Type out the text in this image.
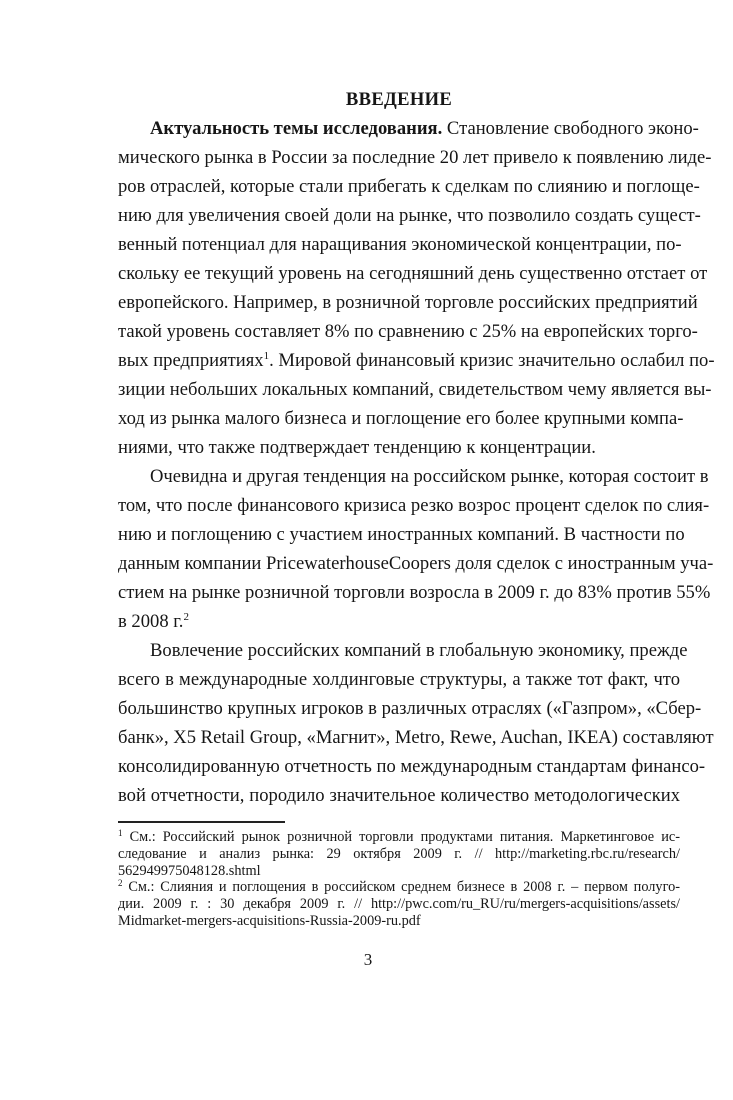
ВВЕДЕНИЕ
Актуальность темы исследования. Становление свободного эконо-
мического рынка в России за последние 20 лет привело к появлению лиде-
ров отраслей, которые стали прибегать к сделкам по слиянию и поглоще-
нию для увеличения своей доли на рынке, что позволило создать сущест-
венный потенциал для наращивания экономической концентрации, по-
скольку ее текущий уровень на сегодняшний день существенно отстает от
европейского. Например, в розничной торговле российских предприятий
такой уровень составляет 8% по сравнению с 25% на европейских торго-
вых предприятиях$^1$. Мировой финансовый кризис значительно ослабил по-
зиции небольших локальных компаний, свидетельством чему является вы-
ход из рынка малого бизнеса и поглощение его более крупными компа-
ниями, что также подтверждает тенденцию к концентрации.
Очевидна и другая тенденция на российском рынке, которая состоит в
том, что после финансового кризиса резко возрос процент сделок по слия-
нию и поглощению с участием иностранных компаний. В частности по
данным компании PricewaterhouseCoopers доля сделок с иностранным уча-
стием на рынке розничной торговли возросла в 2009 г. до 83% против 55%
в 2008 г.$^2$
Вовлечение российских компаний в глобальную экономику, прежде
всего в международные холдинговые структуры, а также тот факт, что
большинство крупных игроков в различных отраслях («Газпром», «Сбер-
банк», X5 Retail Group, «Магнит», Metro, Rewe, Auchan, IKEA) составляют
консолидированную отчетность по международным стандартам финансо-
вой отчетности, породило значительное количество методологических
$^1$ См.: Российский рынок розничной торговли продуктами питания. Маркетинговое ис-
следование и анализ рынка: 29 октября 2009 г. // http://marketing.rbc.ru/research/
562949975048128.shtml
$^2$ См.: Слияния и поглощения в российском среднем бизнесе в 2008 г. – первом полуго-
дии. 2009 г. : 30 декабря 2009 г. // http://pwc.com/ru_RU/ru/mergers-acquisitions/assets/
Midmarket-mergers-acquisitions-Russia-2009-ru.pdf
3
